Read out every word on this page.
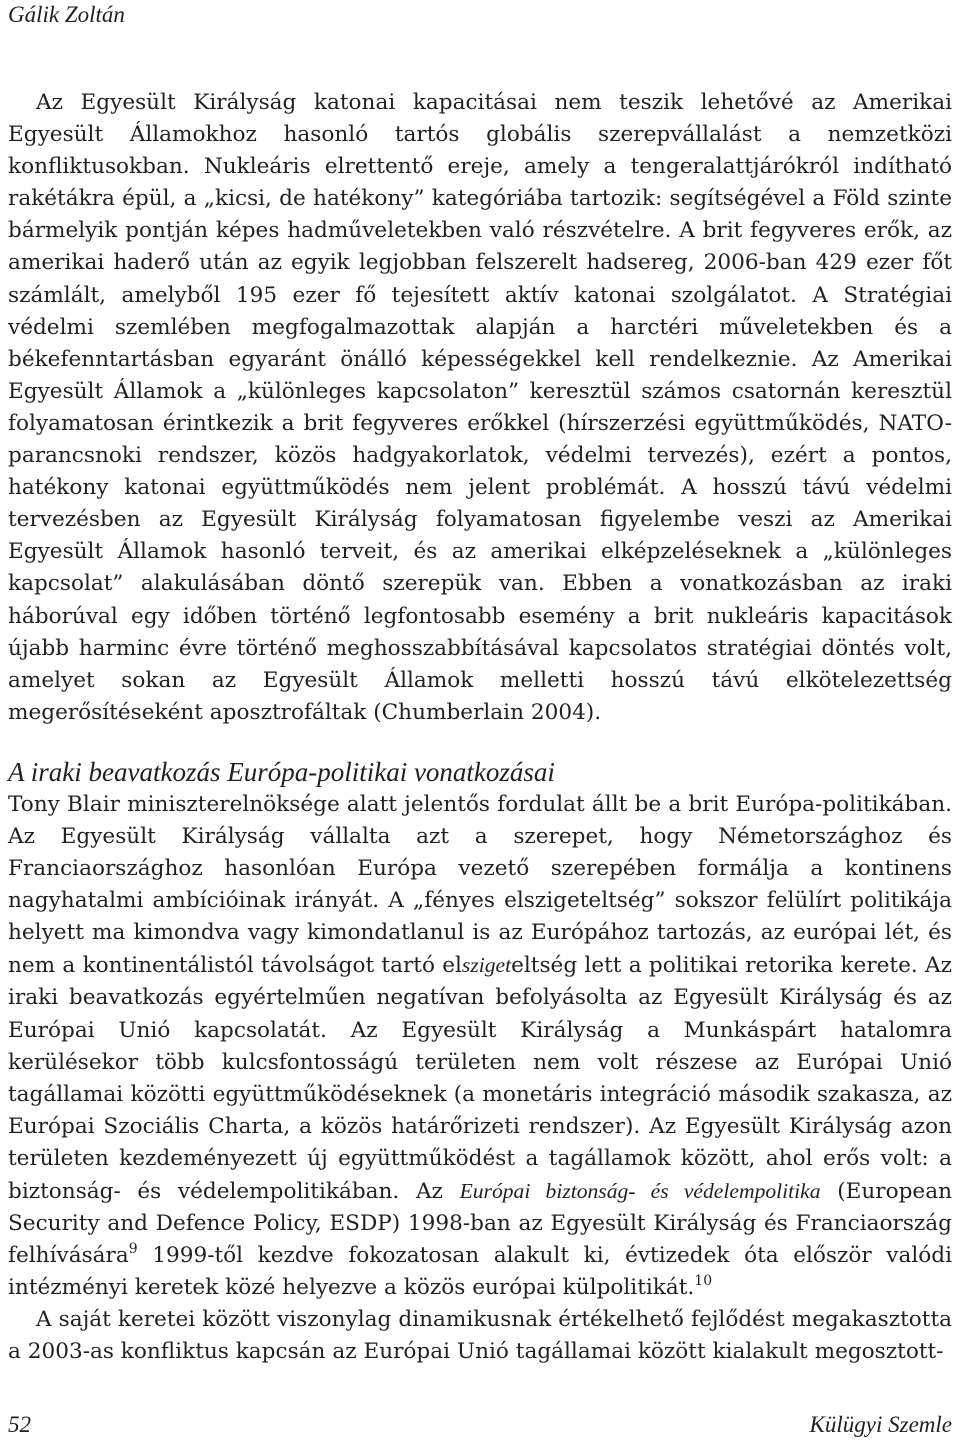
Gálik Zoltán

Az Egyesült Királyság katonai kapacitásai nem teszik lehetővé az Amerikai Egyesült Államokhoz hasonló tartós globális szerepvállalást a nemzetközi konfliktusokban. Nukleáris elrettentő ereje, amely a tengeralattjárókról indítható rakétákra épül, a „kicsi, de hatékony” kategóriába tartozik: segítségével a Föld szinte bármelyik pontján képes hadműveletekben való részvételre. A brit fegyveres erők, az amerikai haderő után az egyik legjobban felszerelt hadsereg, 2006-ban 429 ezer főt számlált, amelyből 195 ezer fő tejesített aktív katonai szolgálatot. A Stratégiai védelmi szemlében megfogalmazottak alapján a harctéri műveletekben és a békefenntartásban egyaránt önálló képességekkel kell rendelkeznie. Az Amerikai Egyesült Államok a „különleges kapcsolaton” keresztül számos csatornán keresztül folyamatosan érintkezik a brit fegyveres erőkkel (hírszerzési együttműködés, NATO-parancsnoki rendszer, közös hadgyakorlatok, védelmi tervezés), ezért a pontos, hatékony katonai együttműködés nem jelent problémát. A hosszú távú védelmi tervezésben az Egyesült Királyság folyamatosan figyelembe veszi az Amerikai Egyesült Államok hasonló terveit, és az amerikai elképzeléseknek a „különleges kapcsolat” alakulásában döntő szerepük van. Ebben a vonatkozásban az iraki háborúval egy időben történő legfontosabb esemény a brit nukleáris kapacitások újabb harminc évre történő meghosszabbításával kapcsolatos stratégiai döntés volt, amelyet sokan az Egyesült Államok melletti hosszú távú elkötelezettség megerősítéseként aposztrofáltak (Chumberlain 2004).

A iraki beavatkozás Európa-politikai vonatkozásai

Tony Blair miniszterelnöksége alatt jelentős fordulat állt be a brit Európa-politikában. Az Egyesült Királyság vállalta azt a szerepet, hogy Németországhoz és Franciaországhoz hasonlóan Európa vezető szerepében formálja a kontinens nagyhatalmi ambícióinak irányát. A „fényes elszigeteltség” sokszor felülírt politikája helyett ma kimondva vagy kimondatlanul is az Európához tartozás, az európai lét, és nem a kontinentálistól távolságot tartó elszigeteltség lett a politikai retorika kerete. Az iraki beavatkozás egyértelműen negatívan befolyásolta az Egyesült Királyság és az Európai Unió kapcsolatát. Az Egyesült Királyság a Munkáspárt hatalomra kerülésekor több kulcsfontosságú területen nem volt részese az Európai Unió tagállamai közötti együttműködéseknek (a monetáris integráció második szakasza, az Európai Szociális Charta, a közös határőrizeti rendszer). Az Egyesült Királyság azon területen kezdeményezett új együttműködést a tagállamok között, ahol erős volt: a biztonság- és védelempolitikában. Az Európai biztonság- és védelempolitika (European Security and Defence Policy, ESDP) 1998-ban az Egyesült Királyság és Franciaország felhívására$^9$ 1999-től kezdve fokozatosan alakult ki, évtizedek óta először valódi intézményi keretek közé helyezve a közös európai külpolitikát.$^{10}$

A saját keretei között viszonylag dinamikusnak értékelhető fejlődést megakasztotta a 2003-as konfliktus kapcsán az Európai Unió tagállamai között kialakult megosztott-

52	Külügyi Szemle
